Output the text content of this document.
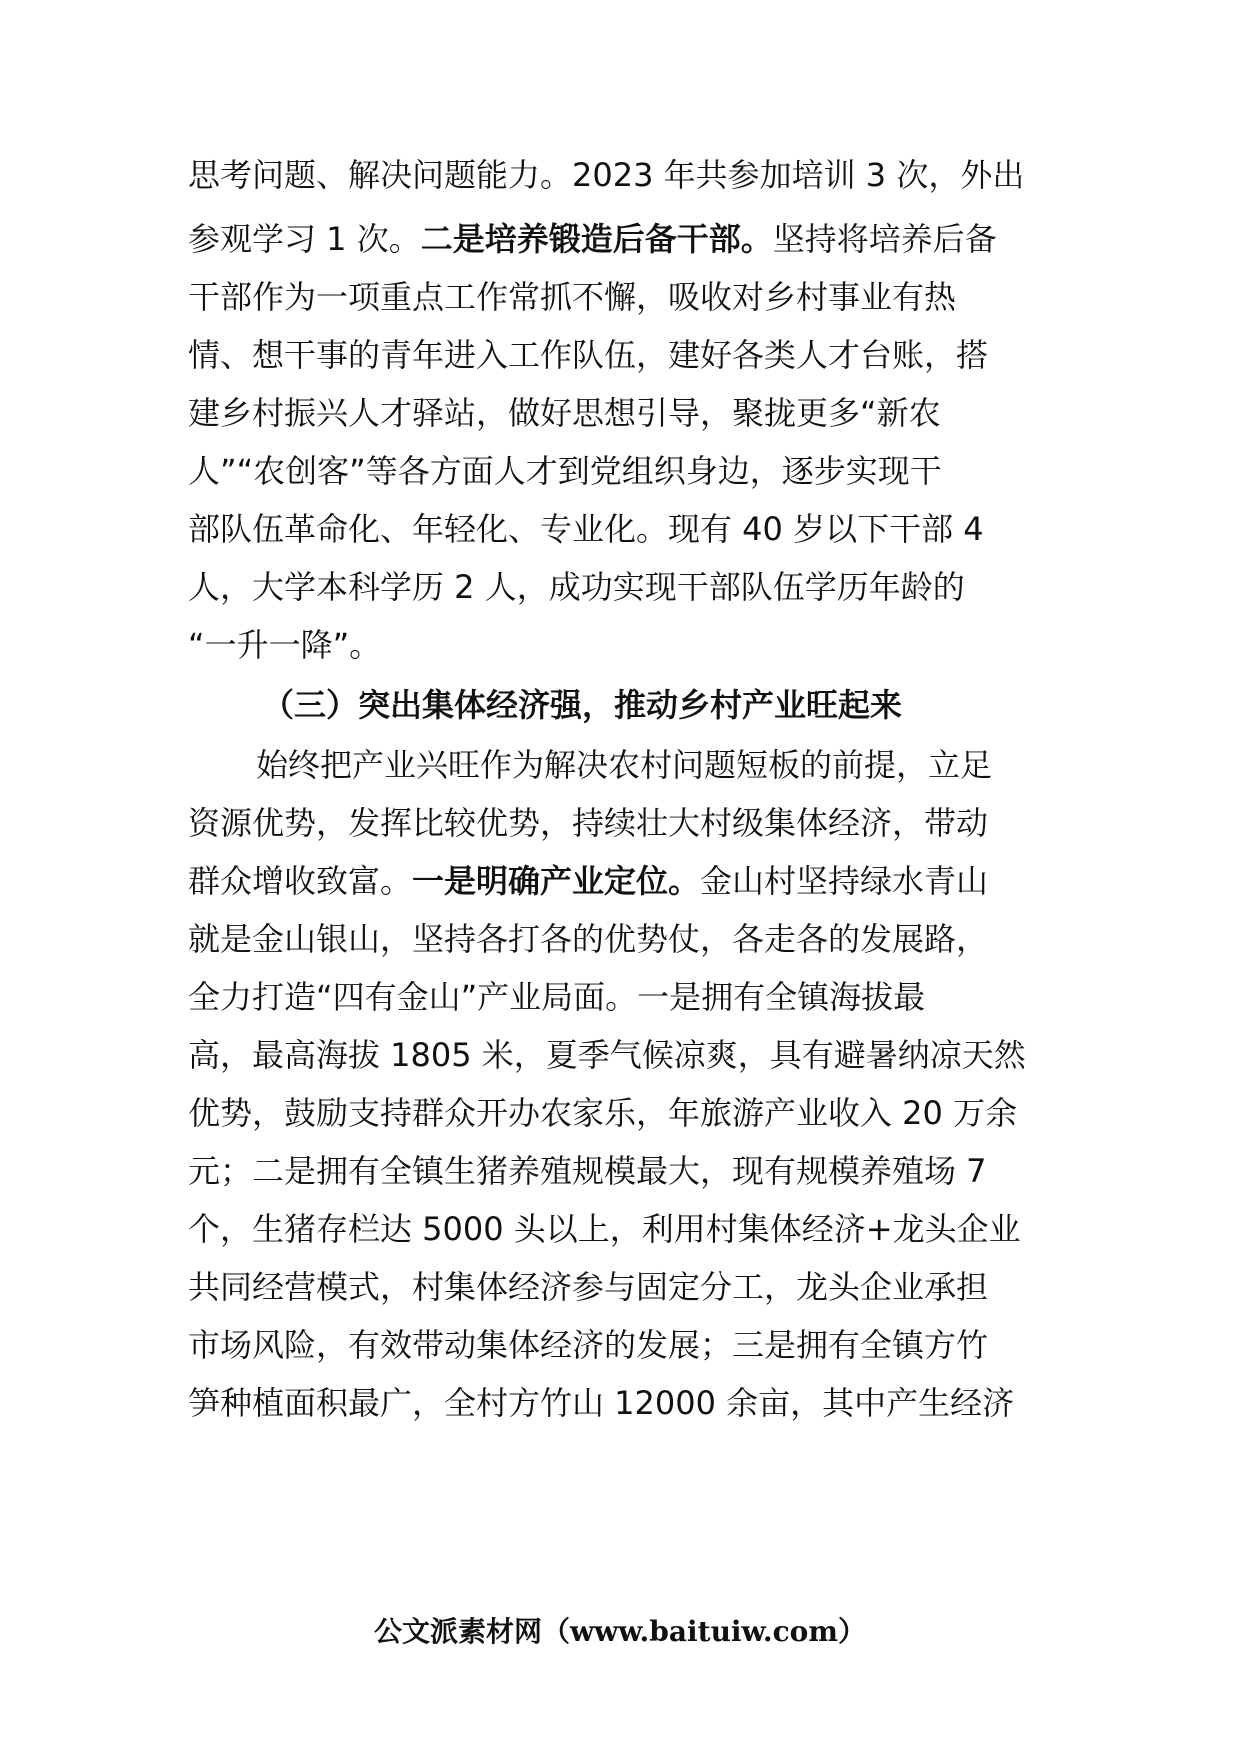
思考问题、解决问题能力。2023 年共参加培训 3 次，外出
参观学习 1 次。二是培养锻造后备干部。坚持将培养后备
干部作为一项重点工作常抓不懈，吸收对乡村事业有热
情、想干事的青年进入工作队伍，建好各类人才台账，搭
建乡村振兴人才驿站，做好思想引导，聚拢更多“新农
人”“农创客”等各方面人才到党组织身边，逐步实现干
部队伍革命化、年轻化、专业化。现有 40 岁以下干部 4
人，大学本科学历 2 人，成功实现干部队伍学历年龄的
“一升一降”。
（三）突出集体经济强，推动乡村产业旺起来
始终把产业兴旺作为解决农村问题短板的前提，立足
资源优势，发挥比较优势，持续壮大村级集体经济，带动
群众增收致富。一是明确产业定位。金山村坚持绿水青山
就是金山银山，坚持各打各的优势仗，各走各的发展路，
全力打造“四有金山”产业局面。一是拥有全镇海拔最
高，最高海拔 1805 米，夏季气候凉爽，具有避暑纳凉天然
优势，鼓励支持群众开办农家乐，年旅游产业收入 20 万余
元；二是拥有全镇生猪养殖规模最大，现有规模养殖场 7
个，生猪存栏达 5000 头以上，利用村集体经济+龙头企业
共同经营模式，村集体经济参与固定分工，龙头企业承担
市场风险，有效带动集体经济的发展；三是拥有全镇方竹
笋种植面积最广，全村方竹山 12000 余亩，其中产生经济
公文派素材网（www.baituiw.com）
